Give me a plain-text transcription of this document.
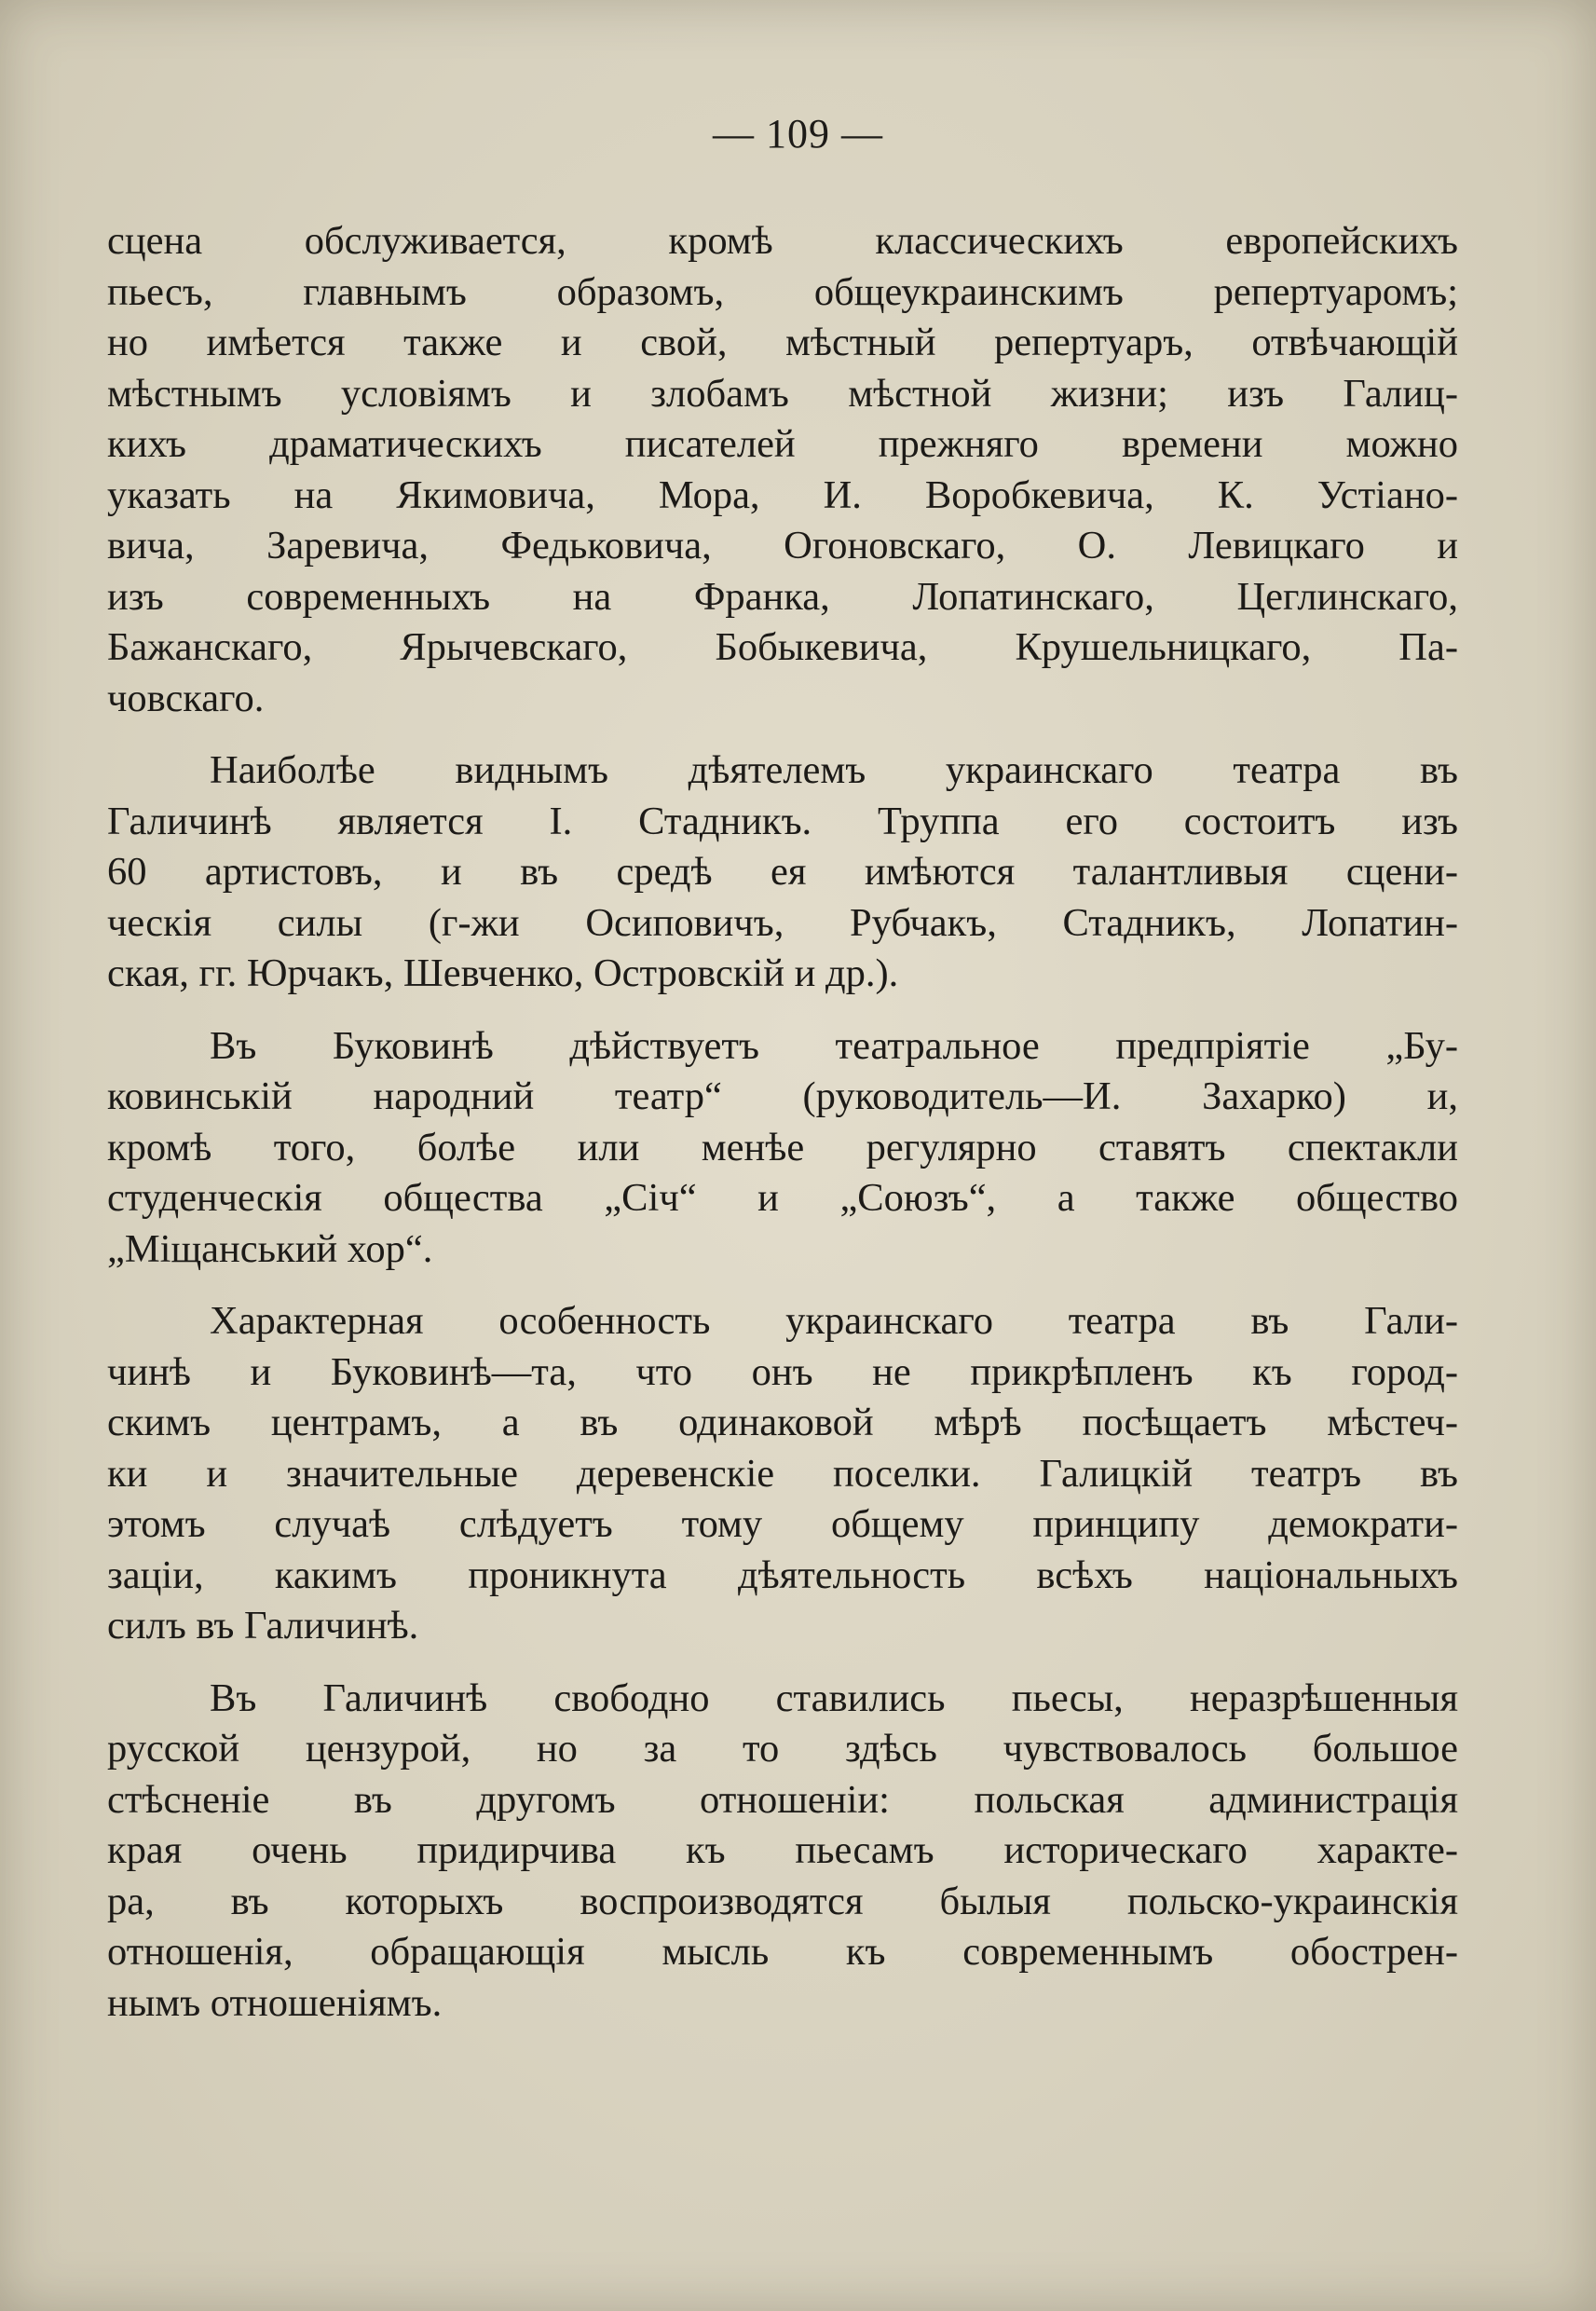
— 109 —
сцена обслуживается, кромѣ классическихъ европейскихъ
пьесъ, главнымъ образомъ, общеукраинскимъ репертуаромъ;
но имѣется также и свой, мѣстный репертуаръ, отвѣчающій
мѣстнымъ условіямъ и злобамъ мѣстной жизни; изъ Галиц-
кихъ драматическихъ писателей прежняго времени можно
указать на Якимовича, Мора, И. Воробкевича, К. Устіано-
вича, Заревича, Федьковича, Огоновскаго, О. Левицкаго и
изъ современныхъ на Франка, Лопатинскаго, Цеглинскаго,
Бажанскаго, Ярычевскаго, Бобыкевича, Крушельницкаго, Па-
човскаго.
Наиболѣе виднымъ дѣятелемъ украинскаго театра въ
Галичинѣ является І. Стадникъ. Труппа его состоитъ изъ
60 артистовъ, и въ средѣ ея имѣются талантливыя сцени-
ческія силы (г-жи Осиповичъ, Рубчакъ, Стадникъ, Лопатин-
ская, гг. Юрчакъ, Шевченко, Островскій и др.).
Въ Буковинѣ дѣйствуетъ театральное предпріятіе „Бу-
ковинській народний театр“ (руководитель—И. Захарко) и,
кромѣ того, болѣе или менѣе регулярно ставятъ спектакли
студенческія общества „Січ“ и „Союзъ“, а также общество
„Міщанський хор“.
Характерная особенность украинскаго театра въ Гали-
чинѣ и Буковинѣ—та, что онъ не прикрѣпленъ къ город-
скимъ центрамъ, а въ одинаковой мѣрѣ посѣщаетъ мѣстеч-
ки и значительные деревенскіе поселки. Галицкій театръ въ
этомъ случаѣ слѣдуетъ тому общему принципу демократи-
заціи, какимъ проникнута дѣятельность всѣхъ національныхъ
силъ въ Галичинѣ.
Въ Галичинѣ свободно ставились пьесы, неразрѣшенныя
русской цензурой, но за то здѣсь чувствовалось большое
стѣсненіе въ другомъ отношеніи: польская администрація
края очень придирчива къ пьесамъ историческаго характе-
ра, въ которыхъ воспроизводятся былыя польско-украинскія
отношенія, обращающія мысль къ современнымъ обострен-
нымъ отношеніямъ.
